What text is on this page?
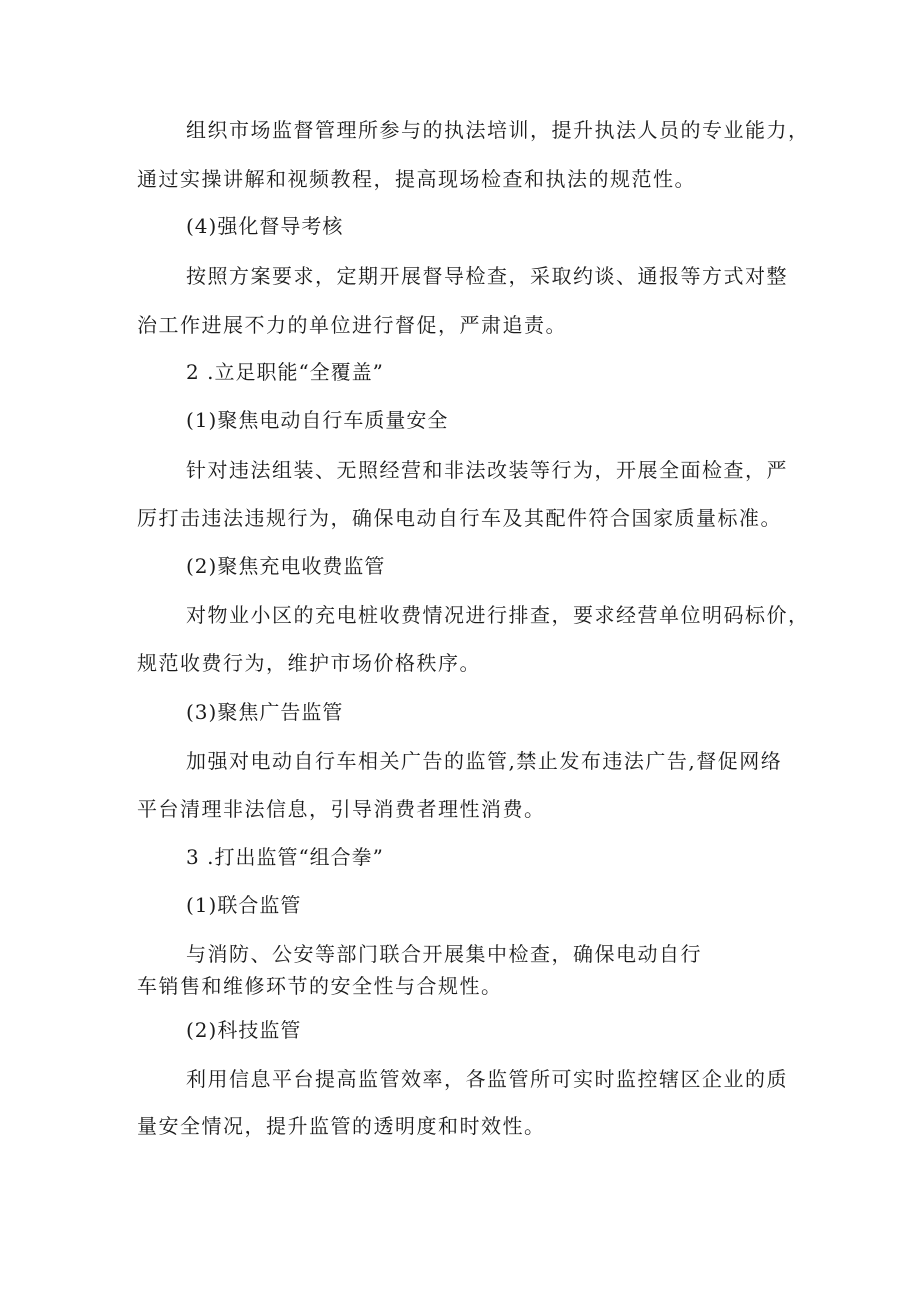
组织市场监督管理所参与的执法培训，提升执法人员的专业能力，
通过实操讲解和视频教程，提高现场检查和执法的规范性。
(4)强化督导考核
按照方案要求，定期开展督导检查，采取约谈、通报等方式对整
治工作进展不力的单位进行督促，严肃追责。
2 .立足职能“全覆盖”
(1)聚焦电动自行车质量安全
针对违法组装、无照经营和非法改装等行为，开展全面检查，严
厉打击违法违规行为，确保电动自行车及其配件符合国家质量标准。
(2)聚焦充电收费监管
对物业小区的充电桩收费情况进行排查，要求经营单位明码标价，
规范收费行为，维护市场价格秩序。
(3)聚焦广告监管
加强对电动自行车相关广告的监管,禁止发布违法广告,督促网络
平台清理非法信息，引导消费者理性消费。
3 .打出监管“组合拳”
(1)联合监管
与消防、公安等部门联合开展集中检查，确保电动自行
车销售和维修环节的安全性与合规性。
(2)科技监管
利用信息平台提高监管效率，各监管所可实时监控辖区企业的质
量安全情况，提升监管的透明度和时效性。
